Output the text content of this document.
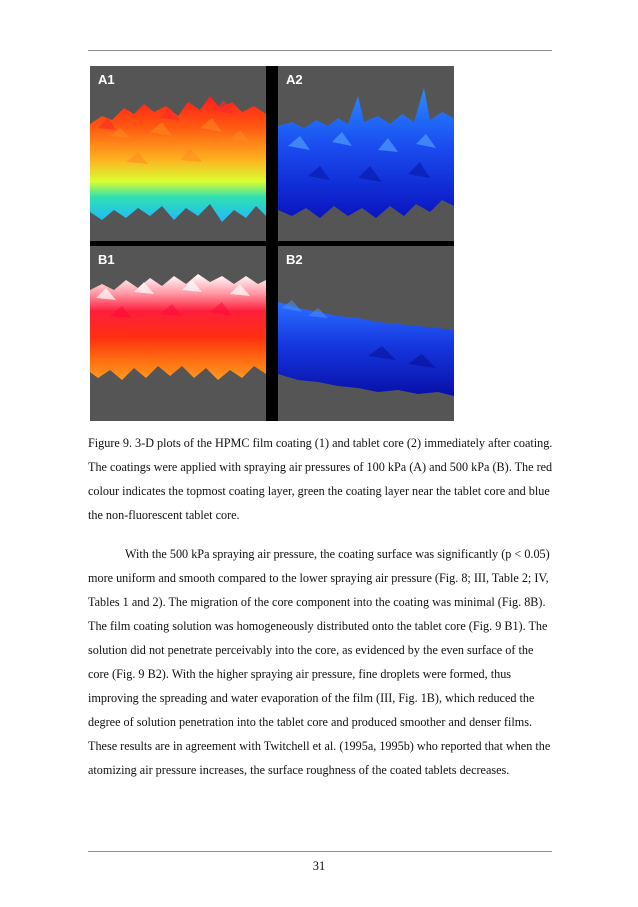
A1	A2
B1	B2

Figure 9. 3-D plots of the HPMC film coating (1) and tablet core (2) immediately after coating. The coatings were applied with spraying air pressures of 100 kPa (A) and 500 kPa (B). The red colour indicates the topmost coating layer, green the coating layer near the tablet core and blue the non-fluorescent tablet core.

With the 500 kPa spraying air pressure, the coating surface was significantly (p < 0.05) more uniform and smooth compared to the lower spraying air pressure (Fig. 8; III, Table 2; IV, Tables 1 and 2). The migration of the core component into the coating was minimal (Fig. 8B). The film coating solution was homogeneously distributed onto the tablet core (Fig. 9 B1). The solution did not penetrate perceivably into the core, as evidenced by the even surface of the core (Fig. 9 B2). With the higher spraying air pressure, fine droplets were formed, thus improving the spreading and water evaporation of the film (III, Fig. 1B), which reduced the degree of solution penetration into the tablet core and produced smoother and denser films. These results are in agreement with Twitchell et al. (1995a, 1995b) who reported that when the atomizing air pressure increases, the surface roughness of the coated tablets decreases.

31
